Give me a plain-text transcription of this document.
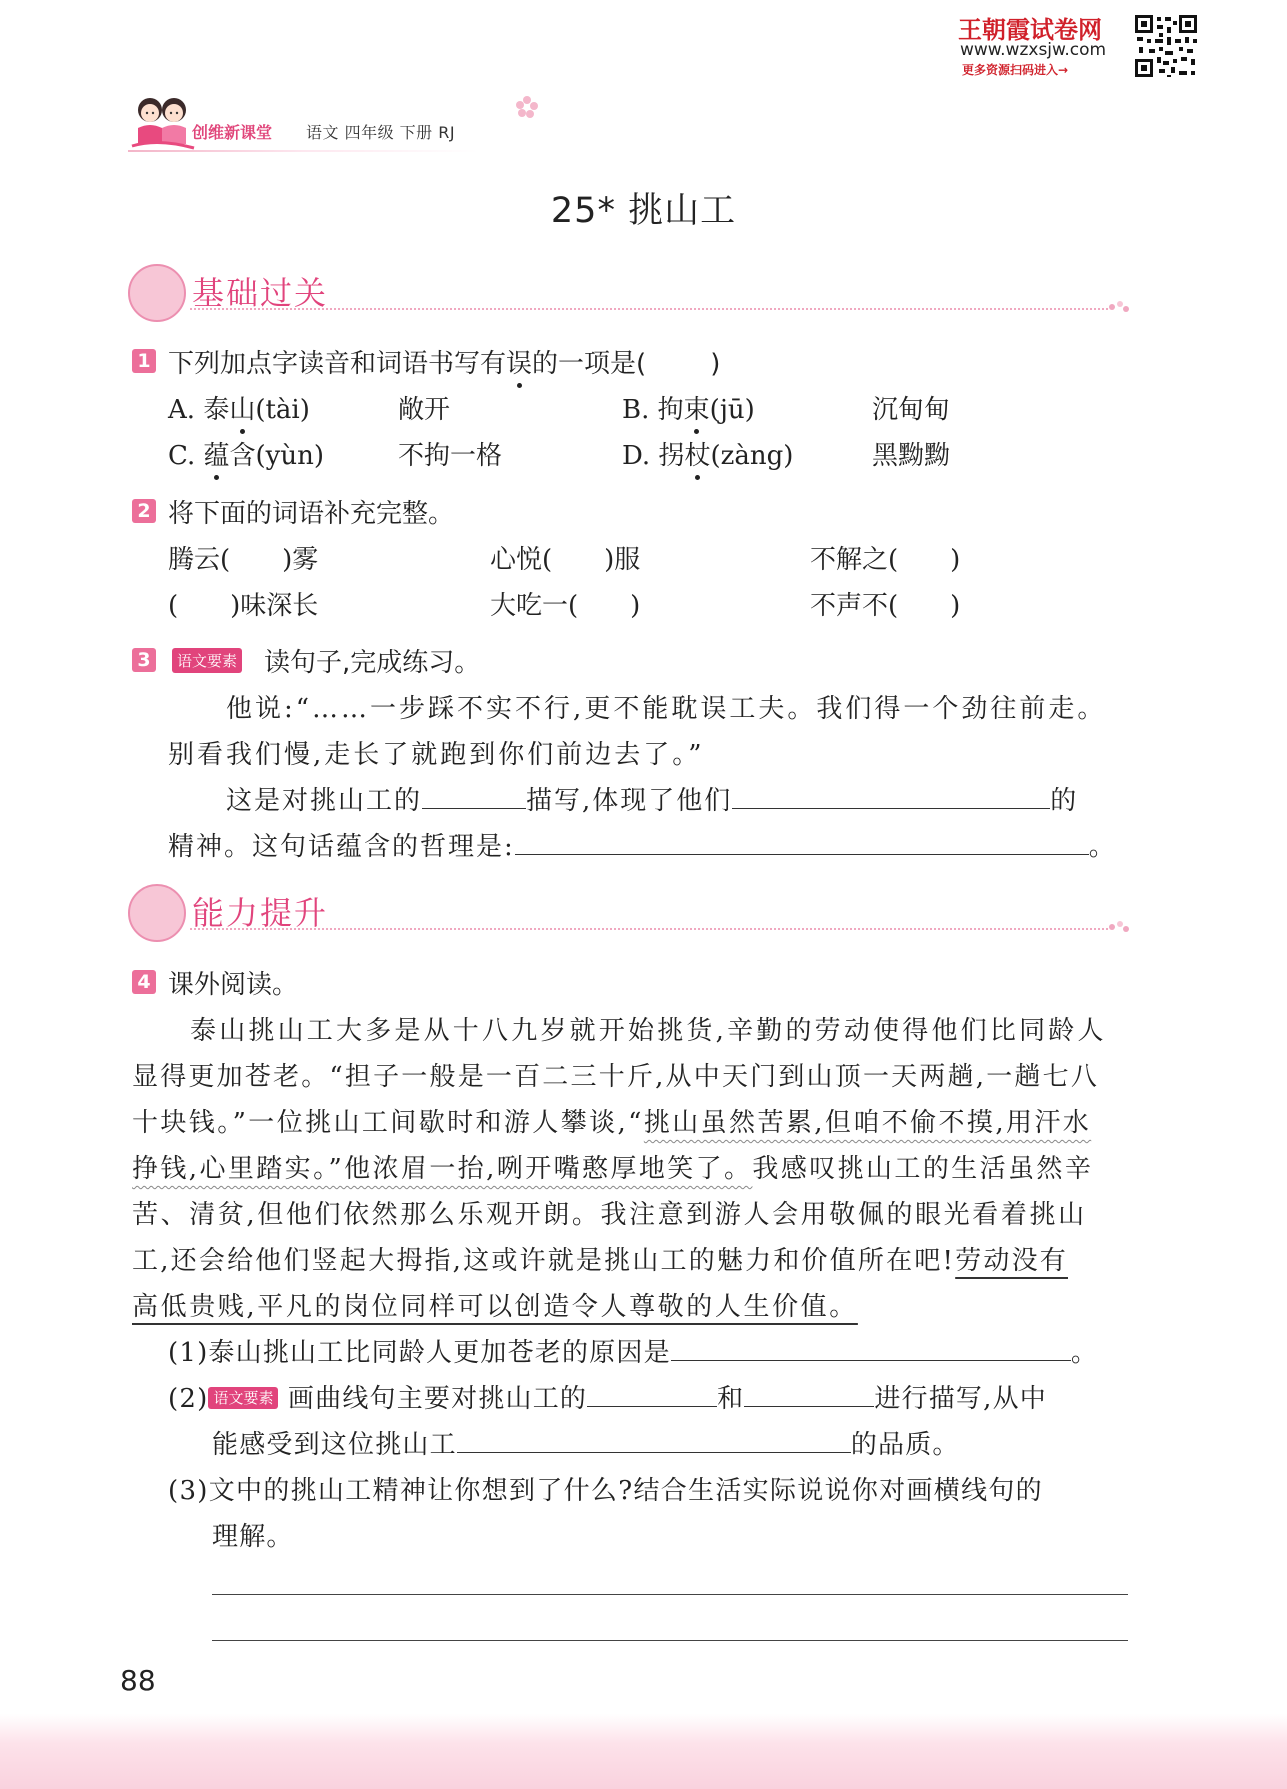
王朝霞试卷网
www.wzxsjw.com
更多资源扫码进入→
创维新课堂 语文 四年级 下册 RJ
25* 挑山工
基础过关
1 下列加点字读音和词语书写有误的一项是( )
A. 泰山(tài)	敞开	B. 拘束(jū)	沉甸甸
C. 蕴含(yùn)	不拘一格	D. 拐杖(zàng)	黑黝黝
2 将下面的词语补充完整。
腾云(　　)雾	心悦(　　)服	不解之(　　)
(　　)味深长	大吃一(　　)	不声不(　　)
3	语文要素 读句子,完成练习。
他说:“……一步踩不实不行,更不能耽误工夫。我们得一个劲往前走。
别看我们慢,走长了就跑到你们前边去了。”
这是对挑山工的	描写,体现了他们	的
精神。这句话蕴含的哲理是:	。
能力提升
4 课外阅读。
泰山挑山工大多是从十八九岁就开始挑货,辛勤的劳动使得他们比同龄人
显得更加苍老。“担子一般是一百二三十斤,从中天门到山顶一天两趟,一趟七八
十块钱。”一位挑山工间歇时和游人攀谈,“挑山虽然苦累,但咱不偷不摸,用汗水
挣钱,心里踏实。”他浓眉一抬,咧开嘴憨厚地笑了。我感叹挑山工的生活虽然辛
苦、清贫,但他们依然那么乐观开朗。我注意到游人会用敬佩的眼光看着挑山
工,还会给他们竖起大拇指,这或许就是挑山工的魅力和价值所在吧!劳动没有
高低贵贱,平凡的岗位同样可以创造令人尊敬的人生价值。
(1)泰山挑山工比同龄人更加苍老的原因是	。
(2) 语文要素 画曲线句主要对挑山工的	和	进行描写,从中
能感受到这位挑山工	的品质。
(3)文中的挑山工精神让你想到了什么?结合生活实际说说你对画横线句的
理解。
88
